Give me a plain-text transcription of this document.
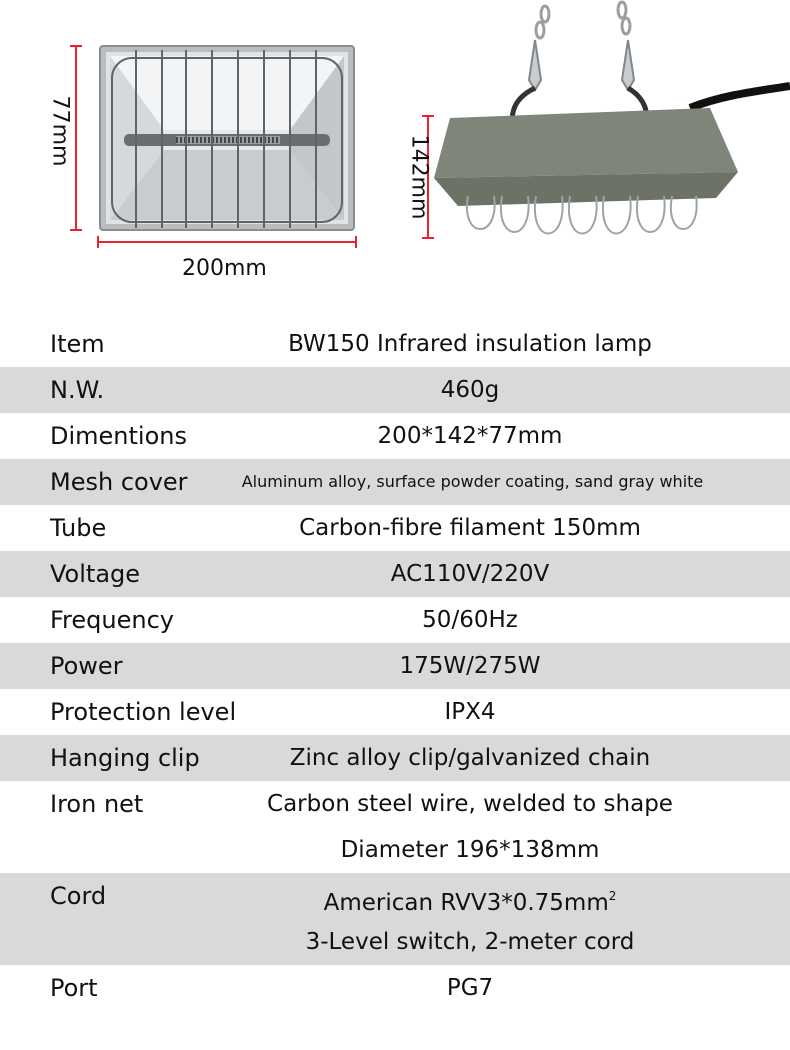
77mm
200mm
142mm
Item	BW150 Infrared insulation lamp
N.W.	460g
Dimentions	200*142*77mm
Mesh cover	Aluminum alloy, surface powder coating, sand gray white
Tube	Carbon-fibre filament 150mm
Voltage	AC110V/220V
Frequency	50/60Hz
Power	175W/275W
Protection level	IPX4
Hanging clip	Zinc alloy clip/galvanized chain
Iron net	Carbon steel wire, welded to shape
Diameter 196*138mm
Cord	American $RVV3*0.75mm^2$
3-Level switch, 2-meter cord
Port	PG7
